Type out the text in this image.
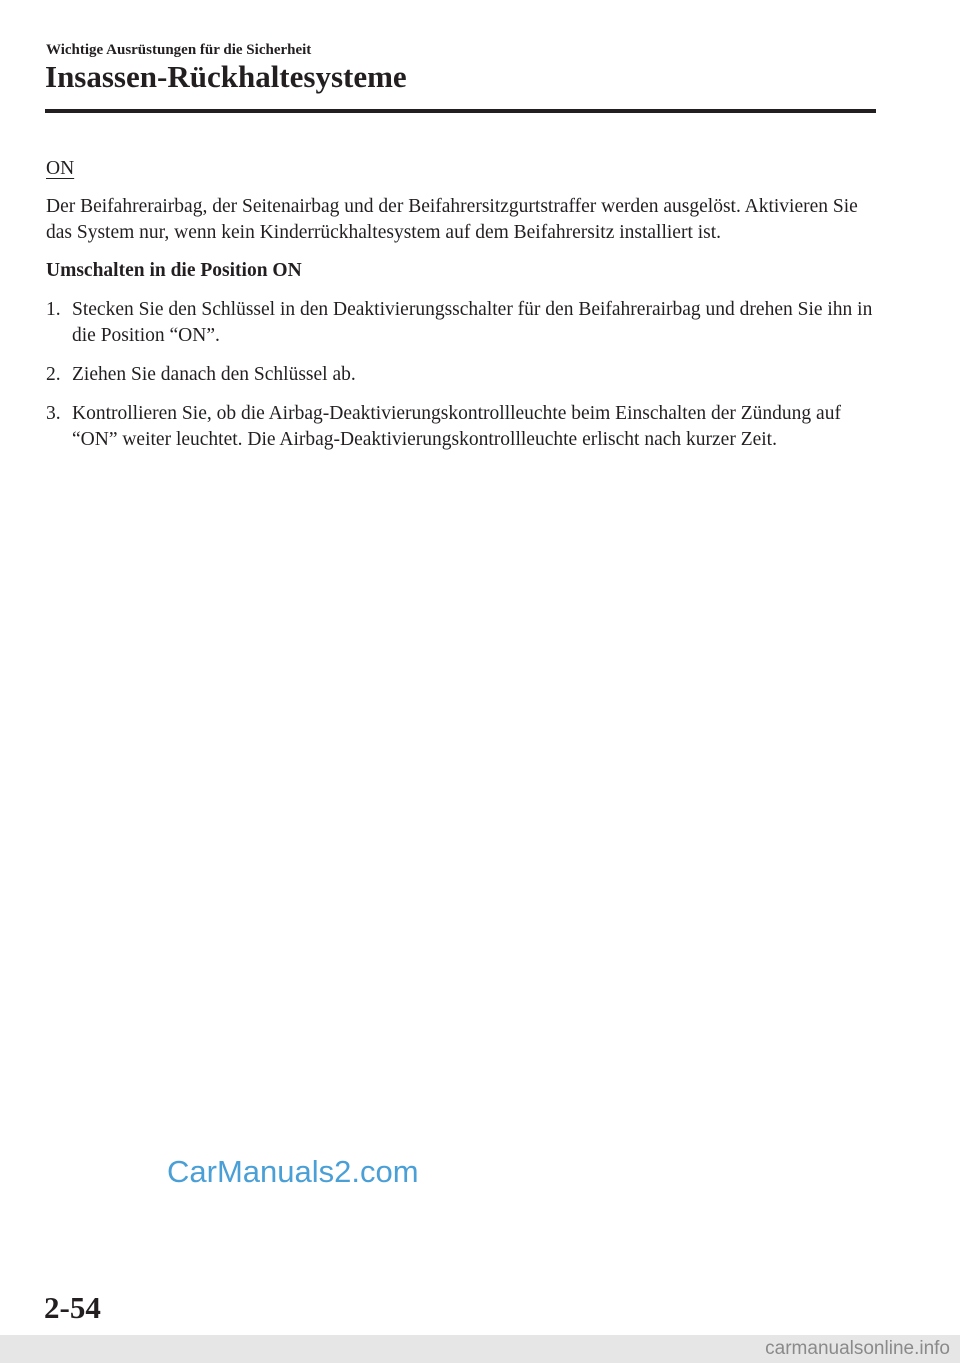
Wichtige Ausrüstungen für die Sicherheit
Insassen-Rückhaltesysteme

ON

Der Beifahrerairbag, der Seitenairbag und der Beifahrersitzgurtstraffer werden ausgelöst. Aktivieren Sie das System nur, wenn kein Kinderrückhaltesystem auf dem Beifahrersitz installiert ist.

Umschalten in die Position ON

1. Stecken Sie den Schlüssel in den Deaktivierungsschalter für den Beifahrerairbag und drehen Sie ihn in die Position “ON”.
2. Ziehen Sie danach den Schlüssel ab.
3. Kontrollieren Sie, ob die Airbag-Deaktivierungskontrollleuchte beim Einschalten der Zündung auf “ON” weiter leuchtet. Die Airbag-Deaktivierungskontrollleuchte erlischt nach kurzer Zeit.
CarManuals2.com
2-54
carmanualsonline.info
